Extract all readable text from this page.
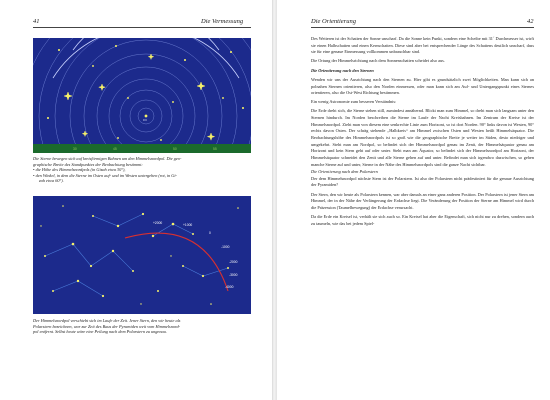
41	Die Vermessung
30	45	50	55
0 h
Die Sterne bewegen sich auf kreisförmigen Bahnen um den Himmelsnordpol. Die geo-
graphische Breite des Standpunktes der Beobachtung bestimmt:
• die Höhe des Himmelsnordpols (in Gizah etwa 30°),
• den Winkel, in dem die Sterne im Osten auf- und im Westen untergehen (rot, in Gi-
zah etwa 60°).
+2000	+1000
0
-1000
-2000
-3000
-4000
Der Himmelsnordpol verschiebt sich im Laufe der Zeit. Jener Stern, den wir heute als
Polarstern bezeichnen, war zur Zeit des Baus der Pyramiden weit vom Himmelsnord-
pol entfernt. Selbst heute wäre eine Peilung nach dem Polarstern zu ungenau.
Die Orientierung	42

Des Weiteren ist der Schatten der Sonne unscharf. Da die Sonne kein Punkt, sondern eine Scheibe mit 31´ Durchmesser ist, wirft sie einen Halbschatten und einen Kernschatten. Diese sind aber bei entsprechender Länge des Schattens deutlich unscharf, dass sie für eine genaue Einmessung vollkommen unbrauchbar sind.

Die Ortung der Himmelsrichtung nach dem Sonnenschatten scheidet also aus.

Die Orientierung nach den Sternen

Wenden wir uns der Ausrichtung nach den Sternen zu. Hier gibt es grundsätzlich zwei Möglichkeiten. Man kann sich an polnahen Sternen orientieren, also den Norden einmessen, oder man kann sich am Auf- und Untergangspunkt eines Sternes orientieren, also die Ost-West Richtung bestimmen.

Ein wenig Astronomie zum besseren Verständnis:

Die Erde dreht sich, die Sterne stehen still, zumindest annähernd. Blickt man zum Himmel, so dreht man sich langsam unter den Sternen hindurch. Im Norden beschreiben die Sterne im Laufe der Nacht Kreisbahnen. Im Zentrum der Kreise ist der Himmelsnordpol. Zieht man von diesem eine senkrechte Linie zum Horizont, so ist dort Norden. 90° links davon ist Westen, 90° rechts davon Osten. Der schräg stehende „Halbkreis“ am Himmel zwischen Osten und Westen heißt Himmelsäquator. Die Beobachtungshöhe des Himmelsnordpols ist so groß wie die geographische Breite je weiter im Süden, desto niedriger und umgekehrt. Steht man am Nordpol, so befindet sich der Himmelsnordpol genau im Zenit, der Himmelsäquator genau am Horizont und kein Stern geht auf oder unter. Steht man am Äquator, so befindet sich der Himmelsnordpol am Horizont, der Himmelsäquator schneidet den Zenit und alle Sterne gehen auf und unter. Befindet man sich irgendwo dazwischen, so gehen manche Sterne auf und unter, Sterne in der Nähe des Himmelsnordpols sind die ganze Nacht sichtbar.

Die Orientierung nach dem Polarstern

Der dem Himmelsnordpol nächste Stern ist der Polarstern. Ist also der Polarstern nicht prädestiniert für die genaue Ausrichtung der Pyramiden?

Der Stern, den wir heute als Polarstern kennen, war aber damals an einer ganz anderen Position. Der Polarstern ist jener Stern am Himmel, der in der Nähe der Verlängerung der Erdachse liegt. Die Veränderung der Position der Sterne am Himmel wird durch die Präzession (Taumelbewegung) der Erdachse verursacht.

Da die Erde ein Kreisel ist, verhält sie sich auch so. Ein Kreisel hat aber die Eigenschaft, sich nicht nur zu drehen, sondern auch zu taumeln, wie das bei jedem Spiel-
